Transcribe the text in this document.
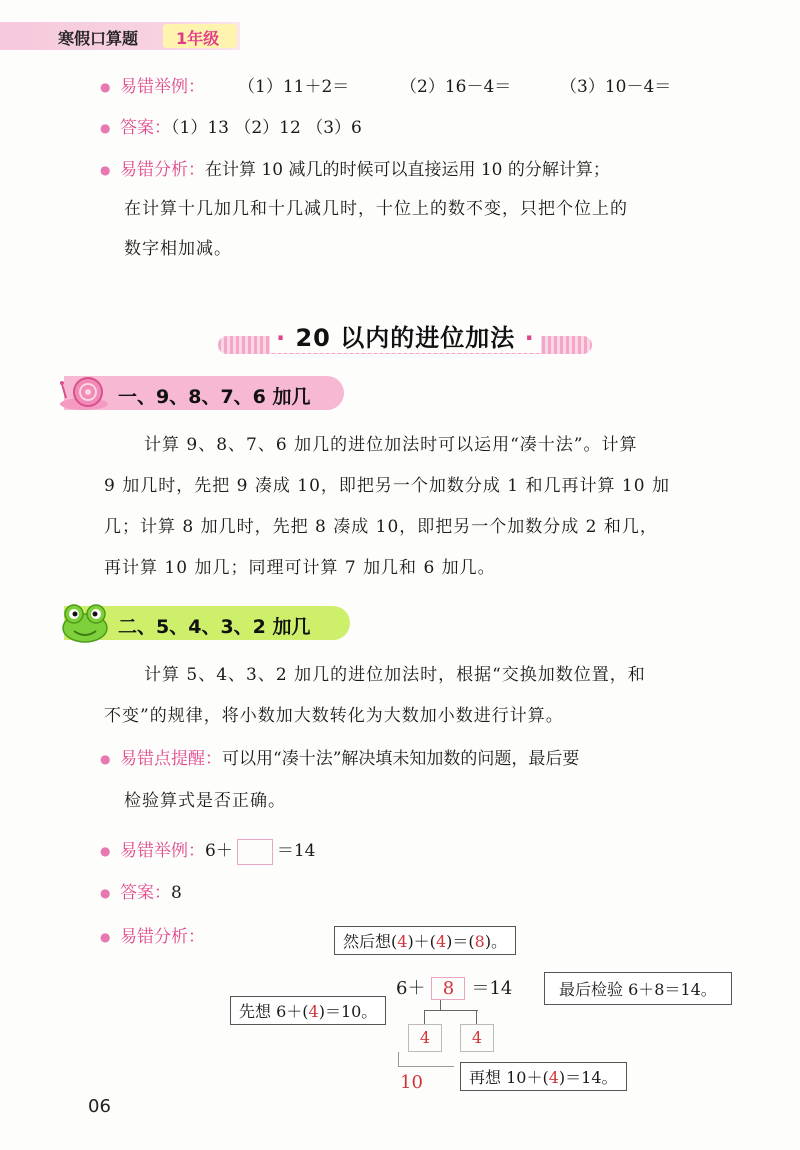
寒假口算题 1年级
● 易错举例： （1）11＋2＝	（2）16－4＝	（3）10－4＝
● 答案：（1）13 （2）12 （3）6
● 易错分析：在计算 10 减几的时候可以直接运用 10 的分解计算；
在计算十几加几和十几减几时，十位上的数不变，只把个位上的
数字相加减。
· 20 以内的进位加法 ·
一、9、8、7、6 加几
计算 9、8、7、6 加几的进位加法时可以运用“凑十法”。计算
9 加几时，先把 9 凑成 10，即把另一个加数分成 1 和几再计算 10 加
几；计算 8 加几时，先把 8 凑成 10，即把另一个加数分成 2 和几，
再计算 10 加几；同理可计算 7 加几和 6 加几。
二、5、4、3、2 加几
计算 5、4、3、2 加几的进位加法时，根据“交换加数位置，和
不变”的规律，将小数加大数转化为大数加小数进行计算。
● 易错点提醒：可以用“凑十法”解决填未知加数的问题，最后要
检验算式是否正确。
● 易错举例：6＋	＝14
● 答案：8
● 易错分析：	然后想(4)＋(4)＝(8)。
6＋ 8 ＝14	最后检验 6＋8＝14。
先想 6＋(4)＝10。
4	4
10	再想 10＋(4)＝14。
06
